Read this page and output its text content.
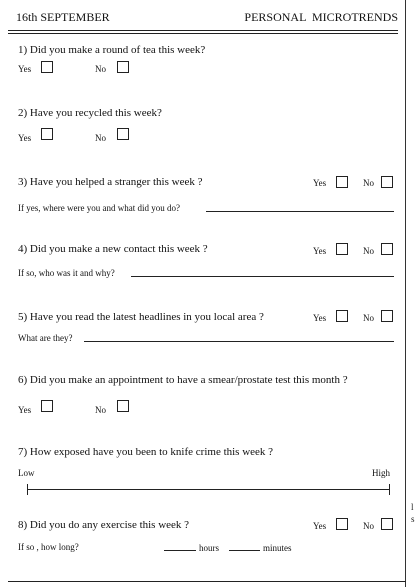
l
s
16th SEPTEMBER	PERSONAL MICROTRENDS
1) Did you make a round of tea this week?
Yes	No
2) Have you recycled this week?
Yes	No
3) Have you helped a stranger this week ?	Yes	No
If yes, where were you and what did you do?
4) Did you make a new contact this week ?	Yes	No
If so, who was it and why?
5) Have you read the latest headlines in you local area ?	Yes	No
What are they?
6) Did you make an appointment to have a smear/prostate test this month ?
Yes	No
7) How exposed have you been to knife crime this week ?
Low	High
8) Did you do any exercise this week ?	Yes	No
If so , how long?	hours	minutes
